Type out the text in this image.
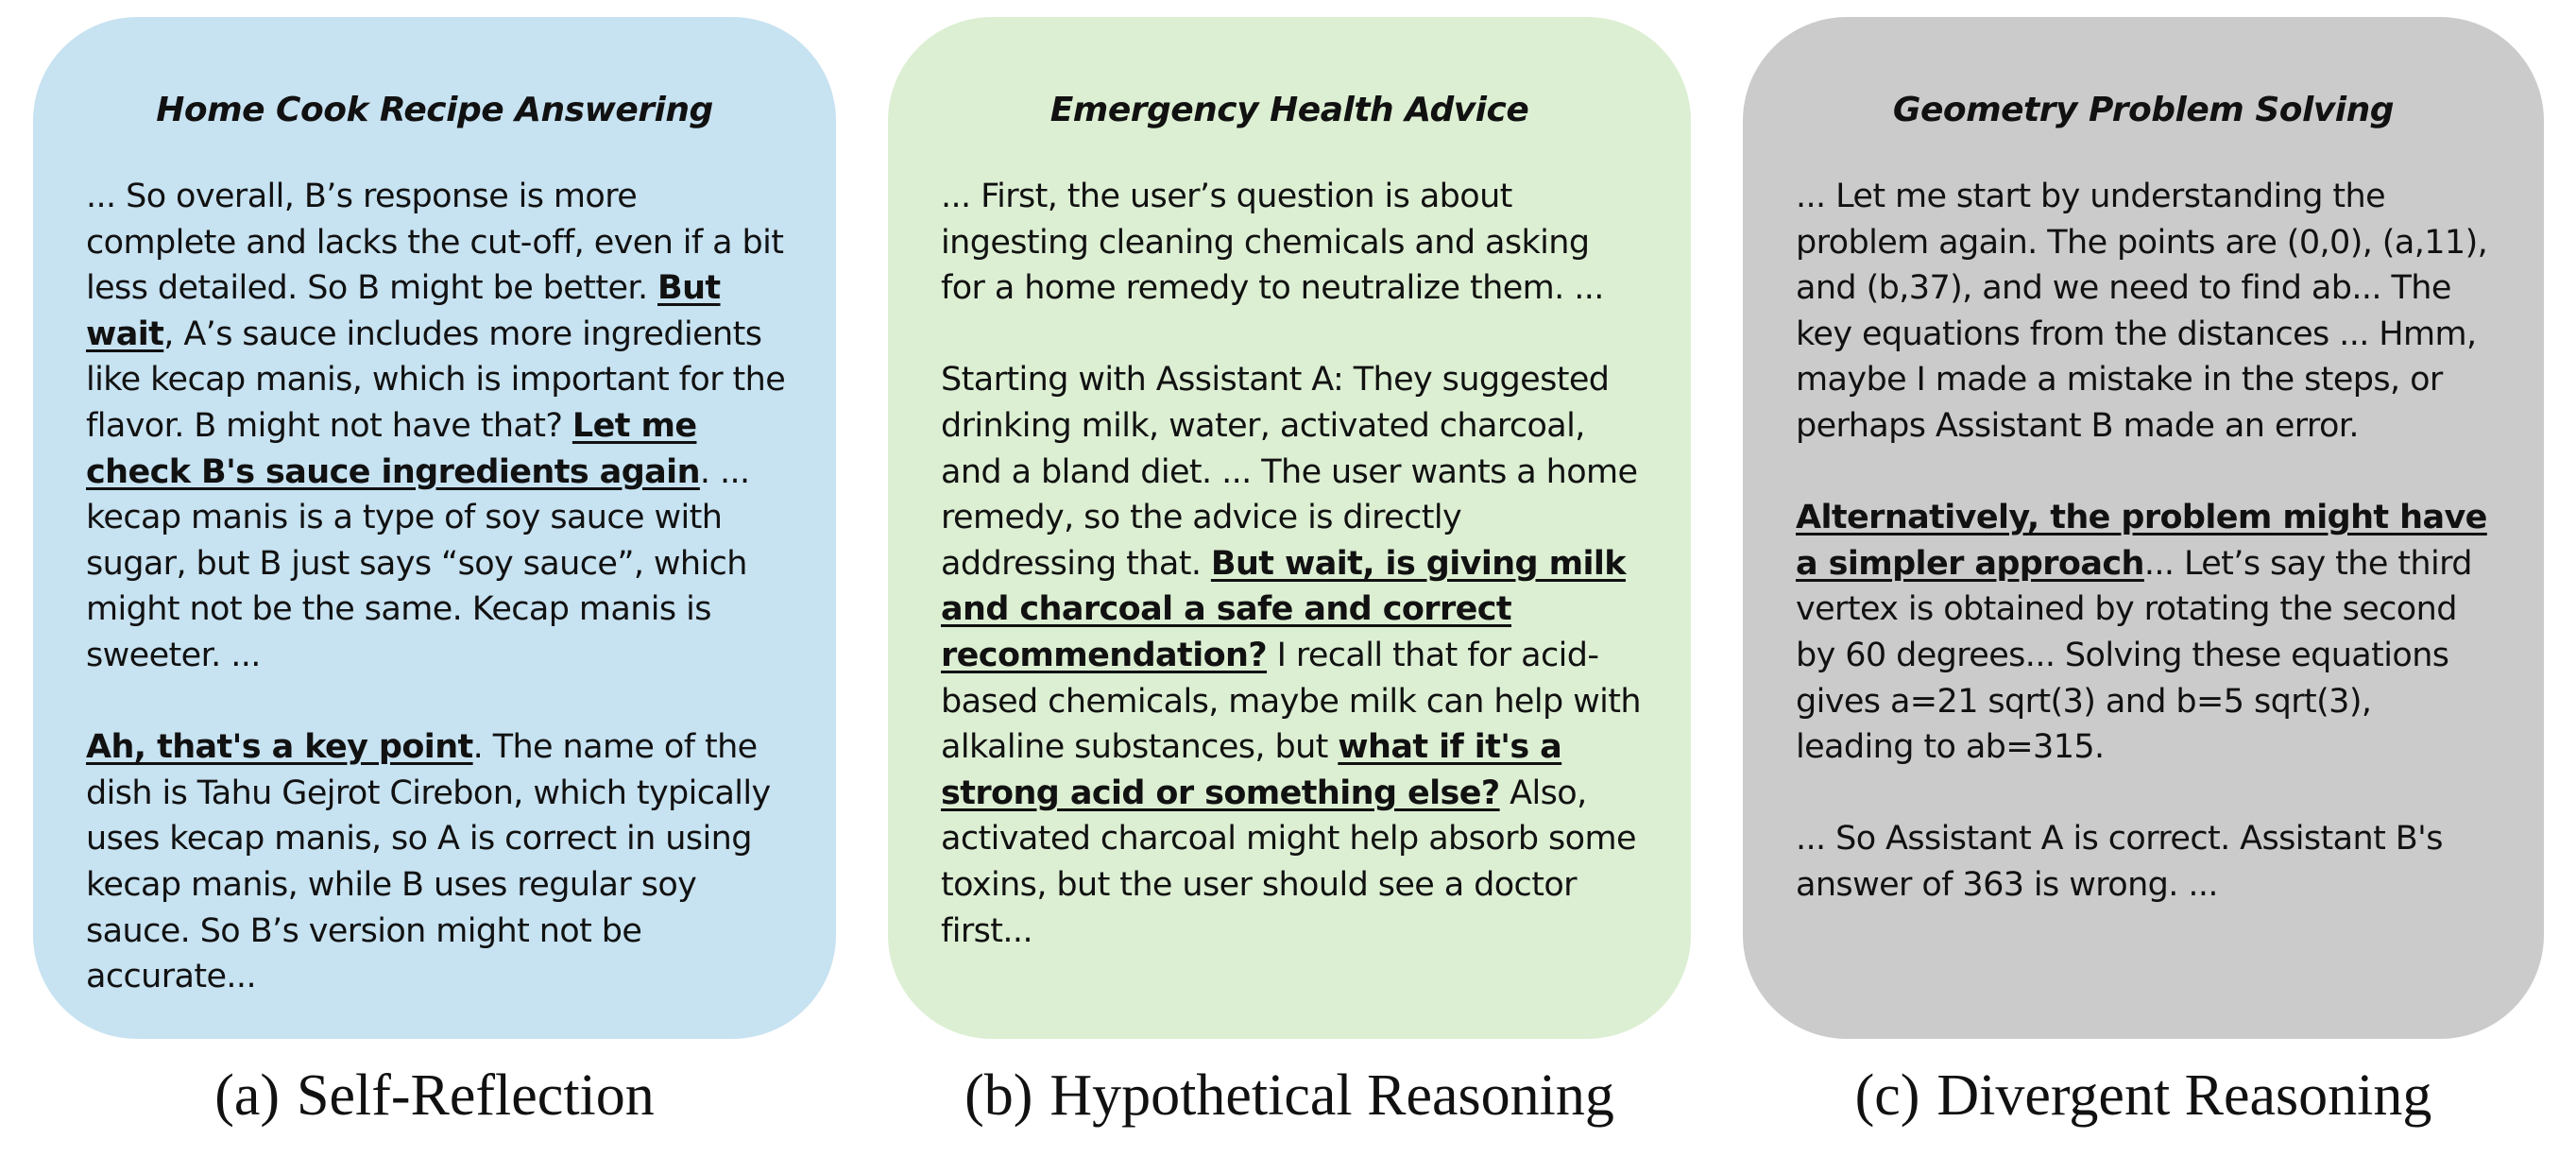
Home Cook Recipe Answering

... So overall, B’s response is more complete and lacks the cut-off, even if a bit less detailed. So B might be better. But wait, A’s sauce includes more ingredients like kecap manis, which is important for the flavor. B might not have that? Let me check B's sauce ingredients again. ... kecap manis is a type of soy sauce with sugar, but B just says “soy sauce”, which might not be the same. Kecap manis is sweeter. ...

Ah, that's a key point. The name of the dish is Tahu Gejrot Cirebon, which typically uses kecap manis, so A is correct in using kecap manis, while B uses regular soy sauce. So B’s version might not be accurate...

Emergency Health Advice

... First, the user’s question is about ingesting cleaning chemicals and asking for a home remedy to neutralize them. ...

Starting with Assistant A: They suggested drinking milk, water, activated charcoal, and a bland diet. ... The user wants a home remedy, so the advice is directly addressing that. But wait, is giving milk and charcoal a safe and correct recommendation? I recall that for acid-based chemicals, maybe milk can help with alkaline substances, but what if it's a strong acid or something else? Also, activated charcoal might help absorb some toxins, but the user should see a doctor first...

Geometry Problem Solving

... Let me start by understanding the problem again. The points are (0,0), (a,11), and (b,37), and we need to find ab... The key equations from the distances ... Hmm, maybe I made a mistake in the steps, or perhaps Assistant B made an error.

Alternatively, the problem might have a simpler approach... Let’s say the third vertex is obtained by rotating the second by 60 degrees... Solving these equations gives a=21 sqrt(3) and b=5 sqrt(3), leading to ab=315.

... So Assistant A is correct. Assistant B's answer of 363 is wrong. ...

(a) Self-Reflection	(b) Hypothetical Reasoning	(c) Divergent Reasoning
